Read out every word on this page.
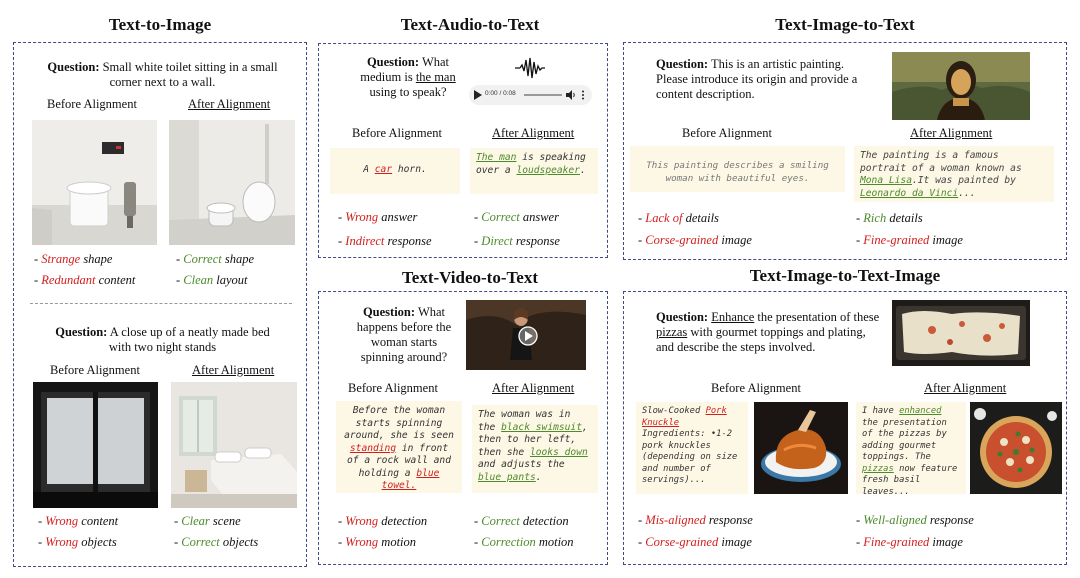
Text-to-Image	Text-Audio-to-Text	Text-Image-to-Text
Text-Video-to-Text	Text-Image-to-Text-Image
Question: Small white toilet sitting in a small corner next to a wall.
Before Alignment	After Alignment
- Strange shape
- Redundant content
- Correct shape
- Clean layout
Question: A close up of a neatly made bed with two night stands
Before Alignment	After Alignment
- Wrong content
- Wrong objects
- Clear scene
- Correct objects
Question: What medium is the man using to speak?	0:00 / 0:08
Before Alignment	After Alignment
A car horn.
The man is speaking over a loudspeaker.
- Wrong answer
- Indirect response
- Correct answer
- Direct response
Question: This is an artistic painting. Please introduce its origin and provide a content description.
Before Alignment	After Alignment
This painting describes a smiling woman with beautiful eyes.
The painting is a famous portrait of a woman known as Mona Lisa.It was painted by Leonardo da Vinci...
- Lack of details
- Corse-grained image
- Rich details
- Fine-grained image
Question: What happens before the woman starts spinning around?
Before Alignment	After Alignment
Before the woman starts spinning around, she is seen standing in front of a rock wall and holding a blue towel.
The woman was in the black swimsuit, then to her left, then she looks down and adjusts the blue pants.
- Wrong detection
- Wrong motion
- Correct detection
- Correction motion
Question: Enhance the presentation of these pizzas with gourmet toppings and plating, and describe the steps involved.
Before Alignment	After Alignment
Slow-Cooked Pork Knuckle Ingredients: •1-2 pork knuckles (depending on size and number of servings)...
I have enhanced the presentation of the pizzas by adding gourmet toppings. The pizzas now feature fresh basil leaves...
- Mis-aligned response
- Corse-grained image
- Well-aligned response
- Fine-grained image
